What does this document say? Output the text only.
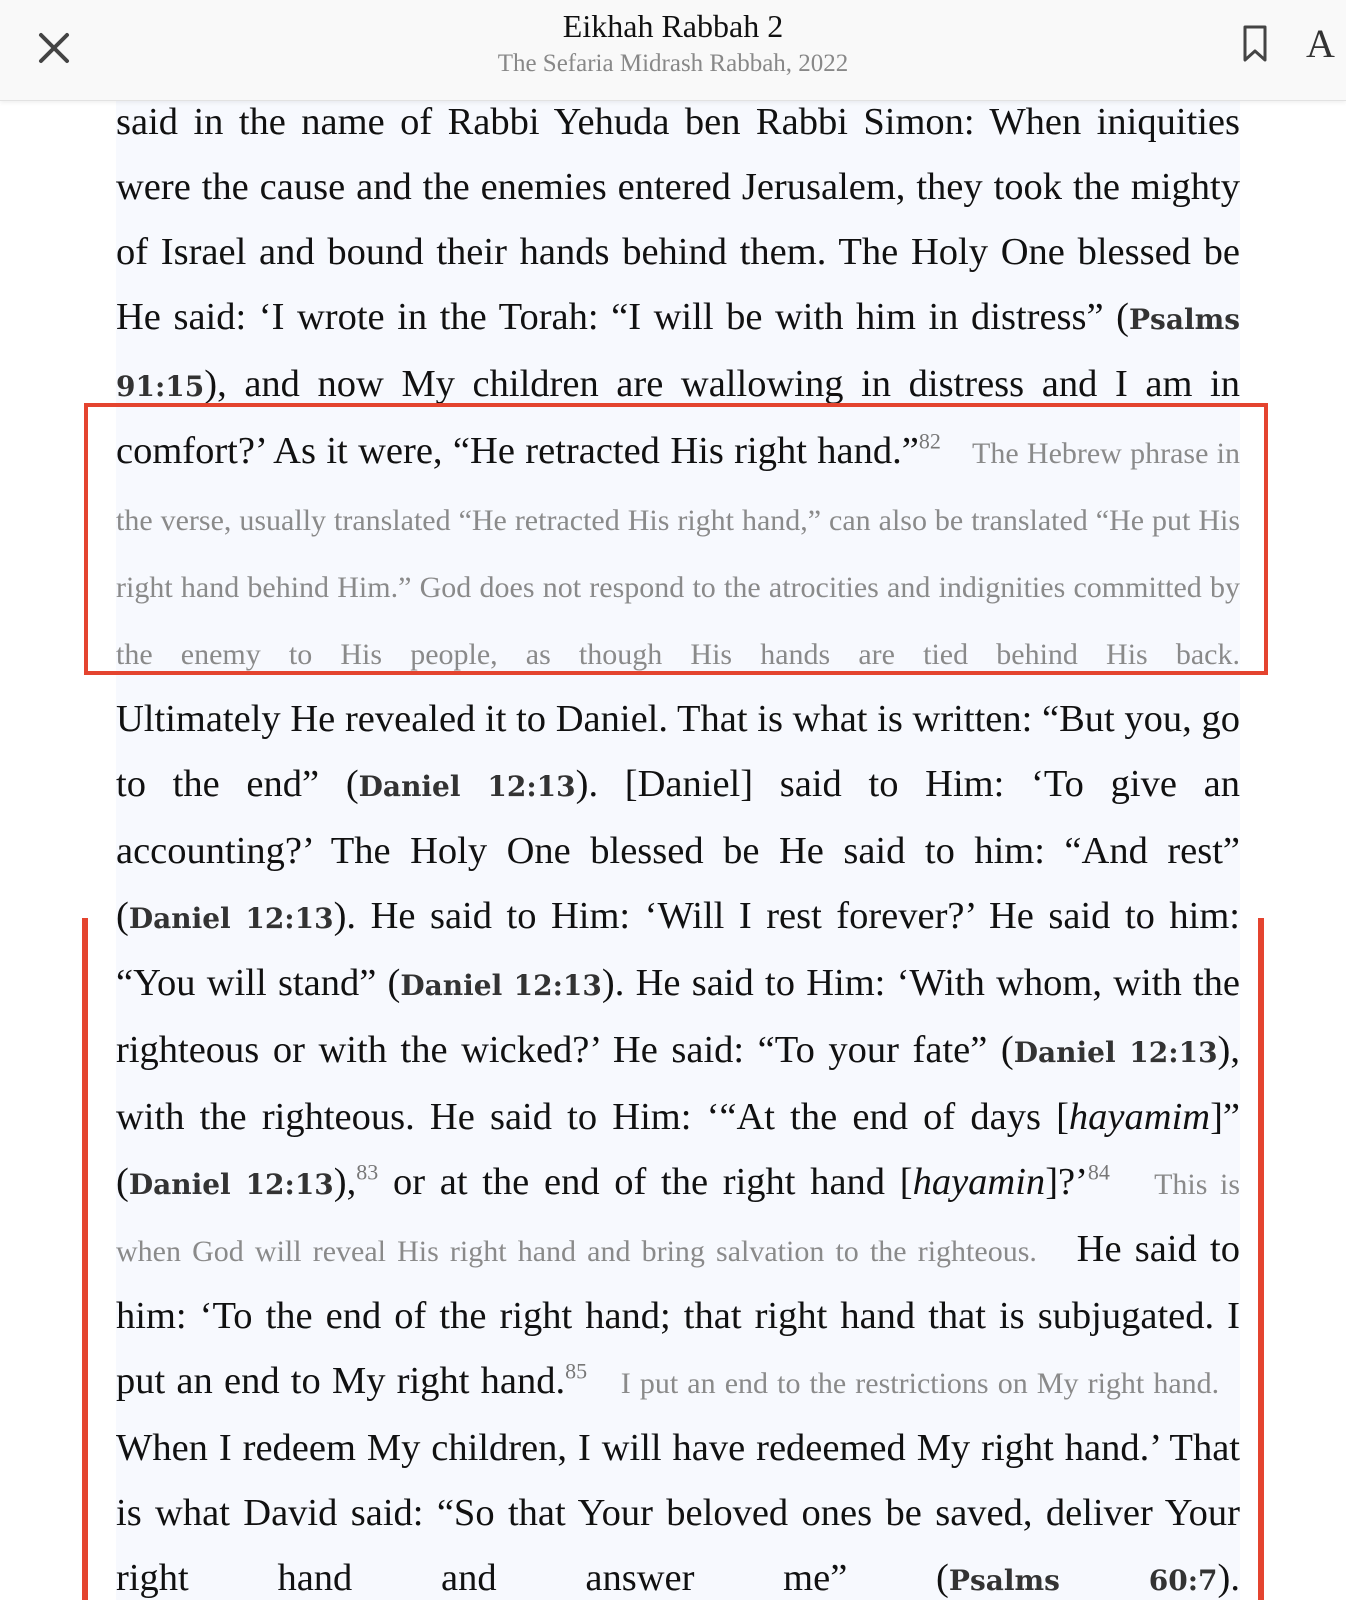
Eikhah Rabbah 2
The Sefaria Midrash Rabbah, 2022	A

said in the name of Rabbi Yehuda ben Rabbi Simon: When iniquities were the cause and the enemies entered Jerusalem, they took the mighty of Israel and bound their hands behind them. The Holy One blessed be He said: ‘I wrote in the Torah: “I will be with him in distress” (Psalms 91:15), and now My children are wallowing in distress and I am in comfort?’ As it were, “He retracted His right hand.”$^{82}$ The Hebrew phrase in the verse, usually translated “He retracted His right hand,” can also be translated “He put His right hand behind Him.” God does not respond to the atrocities and indignities committed by the enemy to His people, as though His hands are tied behind His back.
Ultimately He revealed it to Daniel. That is what is written: “But you, go to the end” (Daniel 12:13). [Daniel] said to Him: ‘To give an accounting?’ The Holy One blessed be He said to him: “And rest” (Daniel 12:13). He said to Him: ‘Will I rest forever?’ He said to him: “You will stand” (Daniel 12:13). He said to Him: ‘With whom, with the righteous or with the wicked?’ He said: “To your fate” (Daniel 12:13), with the righteous. He said to Him: ‘“At the end of days [hayamim]” (Daniel 12:13),$^{83}$ or at the end of the right hand [hayamin]?’$^{84}$ This is when God will reveal His right hand and bring salvation to the righteous. He said to him: ‘To the end of the right hand; that right hand that is subjugated. I put an end to My right hand.$^{85}$ I put an end to the restrictions on My right hand.   When I redeem My children, I will have redeemed My right hand.’ That is what David said: “So that Your beloved ones be saved, deliver Your right hand and answer me” (Psalms 60:7).
